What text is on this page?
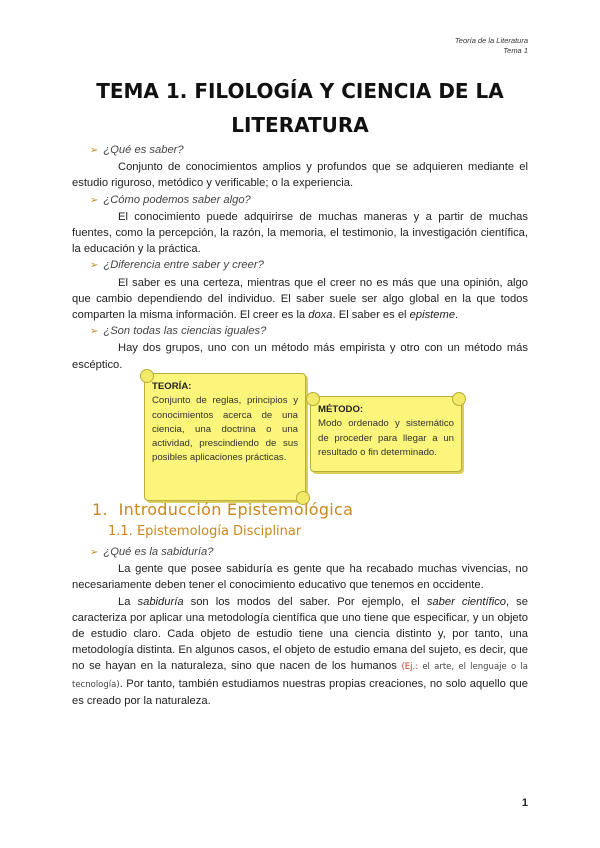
Teoría de la Literatura
Tema 1
TEMA 1. FILOLOGÍA Y CIENCIA DE LA
LITERATURA

➢ ¿Qué es saber?

Conjunto de conocimientos amplios y profundos que se adquieren mediante el estudio riguroso, metódico y verificable; o la experiencia.

➢ ¿Cómo podemos saber algo?

El conocimiento puede adquirirse de muchas maneras y a partir de muchas fuentes, como la percepción, la razón, la memoria, el testimonio, la investigación científica, la educación y la práctica.

➢ ¿Diferencia entre saber y creer?

El saber es una certeza, mientras que el creer no es más que una opinión, algo que cambio dependiendo del individuo. El saber suele ser algo global en la que todos comparten la misma información. El creer es la doxa. El saber es el episteme.

➢ ¿Son todas las ciencias iguales?

Hay dos grupos, uno con un método más empirista y otro con un método más escéptico.

TEORÍA:
Conjunto de reglas, principios y conocimientos acerca de una ciencia, una doctrina o una actividad, prescindiendo de sus posibles aplicaciones prácticas.
MÉTODO:
Modo ordenado y sistemático de proceder para llegar a un resultado o fin determinado.
1. Introducción Epistemológica
1.1. Epistemología Disciplinar

➢ ¿Qué es la sabiduría?

La gente que posee sabiduría es gente que ha recabado muchas vivencias, no necesariamente deben tener el conocimiento educativo que tenemos en occidente.

La sabiduría son los modos del saber. Por ejemplo, el saber científico, se caracteriza por aplicar una metodología científica que uno tiene que especificar, y un objeto de estudio claro. Cada objeto de estudio tiene una ciencia distinto y, por tanto, una metodología distinta. En algunos casos, el objeto de estudio emana del sujeto, es decir, que no se hayan en la naturaleza, sino que nacen de los humanos (Ej.: el arte, el lenguaje o la tecnología). Por tanto, también estudiamos nuestras propias creaciones, no solo aquello que es creado por la naturaleza.

1
